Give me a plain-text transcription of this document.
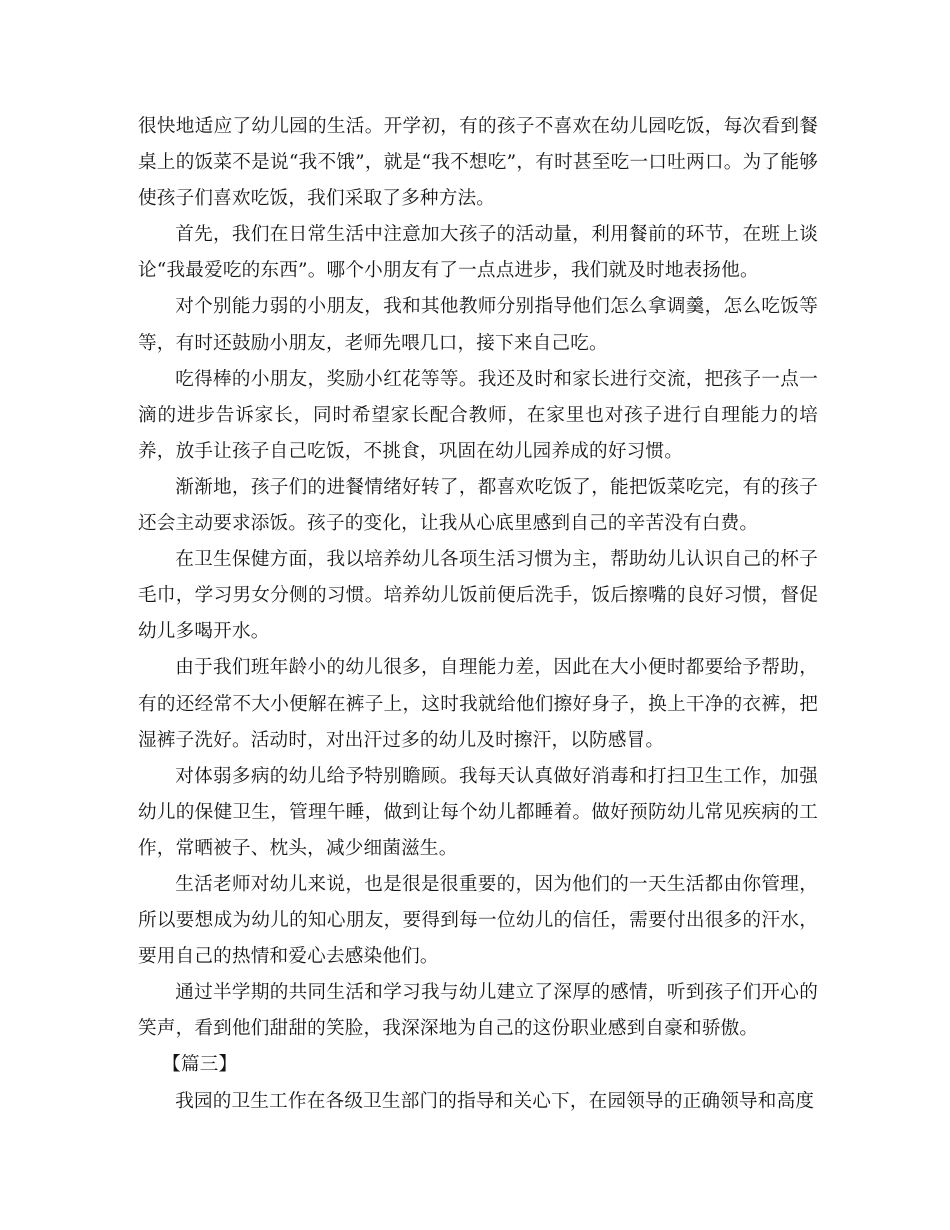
很快地适应了幼儿园的生活。开学初，有的孩子不喜欢在幼儿园吃饭，每次看到餐桌上的饭菜不是说“我不饿”，就是“我不想吃”，有时甚至吃一口吐两口。为了能够使孩子们喜欢吃饭，我们采取了多种方法。

首先，我们在日常生活中注意加大孩子的活动量，利用餐前的环节，在班上谈论“我最爱吃的东西”。哪个小朋友有了一点点进步，我们就及时地表扬他。

对个别能力弱的小朋友，我和其他教师分别指导他们怎么拿调羹，怎么吃饭等等，有时还鼓励小朋友，老师先喂几口，接下来自己吃。

吃得棒的小朋友，奖励小红花等等。我还及时和家长进行交流，把孩子一点一滴的进步告诉家长，同时希望家长配合教师，在家里也对孩子进行自理能力的培养，放手让孩子自己吃饭，不挑食，巩固在幼儿园养成的好习惯。

渐渐地，孩子们的进餐情绪好转了，都喜欢吃饭了，能把饭菜吃完，有的孩子还会主动要求添饭。孩子的变化，让我从心底里感到自己的辛苦没有白费。

在卫生保健方面，我以培养幼儿各项生活习惯为主，帮助幼儿认识自己的杯子毛巾，学习男女分侧的习惯。培养幼儿饭前便后洗手，饭后擦嘴的良好习惯，督促幼儿多喝开水。

由于我们班年龄小的幼儿很多，自理能力差，因此在大小便时都要给予帮助，有的还经常不大小便解在裤子上，这时我就给他们擦好身子，换上干净的衣裤，把湿裤子洗好。活动时，对出汗过多的幼儿及时擦汗，以防感冒。

对体弱多病的幼儿给予特别瞻顾。我每天认真做好消毒和打扫卫生工作，加强幼儿的保健卫生，管理午睡，做到让每个幼儿都睡着。做好预防幼儿常见疾病的工作，常晒被子、枕头，减少细菌滋生。

生活老师对幼儿来说，也是很是很重要的，因为他们的一天生活都由你管理，所以要想成为幼儿的知心朋友，要得到每一位幼儿的信任，需要付出很多的汗水，要用自己的热情和爱心去感染他们。

通过半学期的共同生活和学习我与幼儿建立了深厚的感情，听到孩子们开心的笑声，看到他们甜甜的笑脸，我深深地为自己的这份职业感到自豪和骄傲。

【篇三】

我园的卫生工作在各级卫生部门的指导和关心下，在园领导的正确领导和高度
